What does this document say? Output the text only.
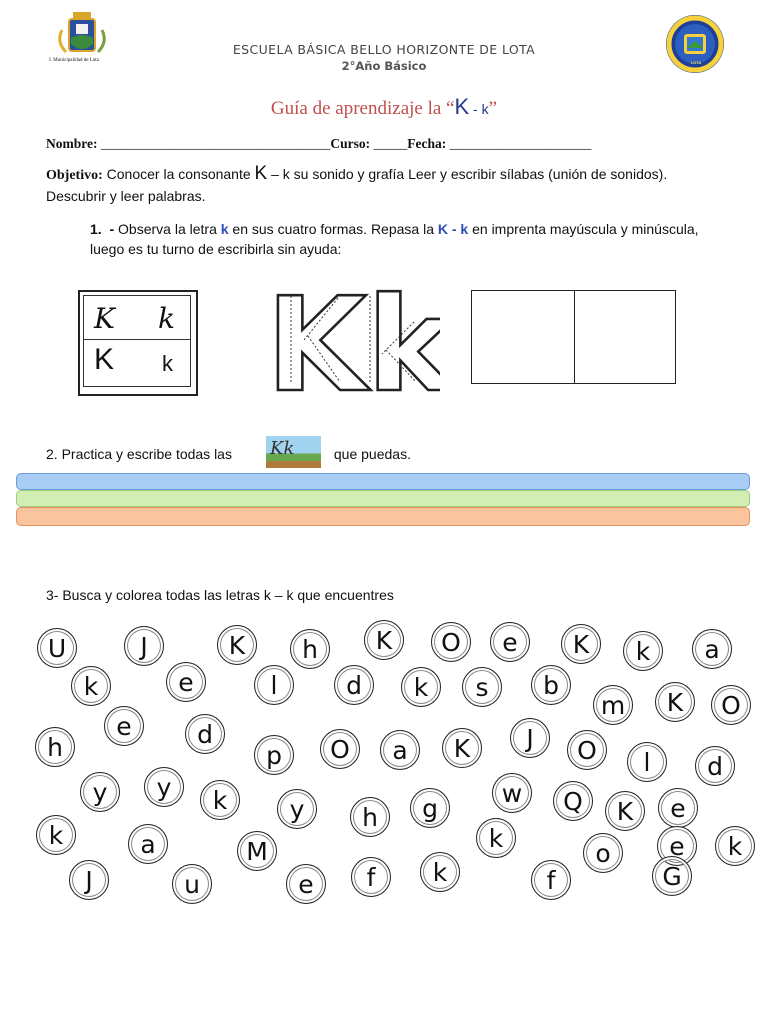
I. Municipalidad de Lota	LOTA
ESCUELA BÁSICA BELLO HORIZONTE DE LOTA
2°Año Básico
Guía de aprendizaje la “K - k”
Nombre: __________________________________Curso: _____Fecha: _____________________
Objetivo: Conocer la consonante K – k su sonido y grafía Leer y escribir sílabas (unión de sonidos). Descubrir y leer palabras.
1. - Observa la letra k en sus cuatro formas. Repasa la K - k en imprenta mayúscula y minúscula, luego es tu turno de escribirla sin ayuda:
K k
K k Kk
2. Practica y escribe todas las Kk	que puedas.
3- Busca y colorea todas las letras k – k que encuentres
U	J	K	h	K	O	e	K	k	a
k	e	l	d	k	s	b
m	K	O
e	d
h	p	O	a	K	J	O	l	d
y	y	k	y	h	g
w	Q	K	e
k	a	M	k	e
o	k
J	u	e	f	k	f	G
